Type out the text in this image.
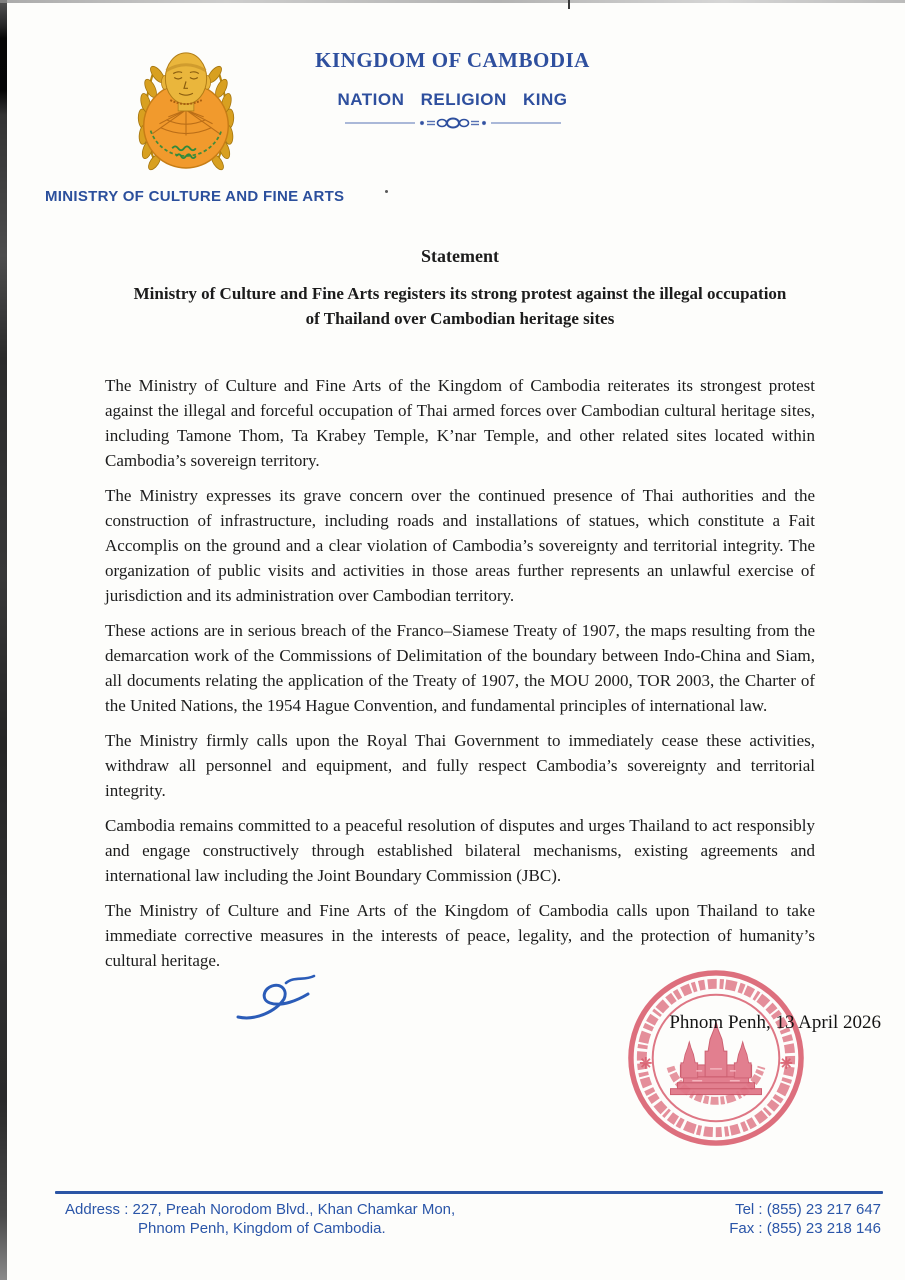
KINGDOM OF CAMBODIA
NATION RELIGION KING
MINISTRY OF CULTURE AND FINE ARTS
Statement
Ministry of Culture and Fine Arts registers its strong protest against the illegal occupation
of Thailand over Cambodian heritage sites

The Ministry of Culture and Fine Arts of the Kingdom of Cambodia reiterates its strongest protest against the illegal and forceful occupation of Thai armed forces over Cambodian cultural heritage sites, including Tamone Thom, Ta Krabey Temple, K’nar Temple, and other related sites located within Cambodia’s sovereign territory.

The Ministry expresses its grave concern over the continued presence of Thai authorities and the construction of infrastructure, including roads and installations of statues, which constitute a Fait Accomplis on the ground and a clear violation of Cambodia’s sovereignty and territorial integrity. The organization of public visits and activities in those areas further represents an unlawful exercise of jurisdiction and its administration over Cambodian territory.

These actions are in serious breach of the Franco–Siamese Treaty of 1907, the maps resulting from the demarcation work of the Commissions of Delimitation of the boundary between Indo-China and Siam, all documents relating the application of the Treaty of 1907, the MOU 2000, TOR 2003, the Charter of the United Nations, the 1954 Hague Convention, and fundamental principles of international law.

The Ministry firmly calls upon the Royal Thai Government to immediately cease these activities, withdraw all personnel and equipment, and fully respect Cambodia’s sovereignty and territorial integrity.

Cambodia remains committed to a peaceful resolution of disputes and urges Thailand to act responsibly and engage constructively through established bilateral mechanisms, existing agreements and international law including the Joint Boundary Commission (JBC).

The Ministry of Culture and Fine Arts of the Kingdom of Cambodia calls upon Thailand to take immediate corrective measures in the interests of peace, legality, and the protection of humanity’s cultural heritage.

Phnom Penh, 13 April 2026
Address : 227, Preah Norodom Blvd., Khan Chamkar Mon,
Phnom Penh, Kingdom of Cambodia.
Tel : (855) 23 217 647
Fax : (855) 23 218 146
